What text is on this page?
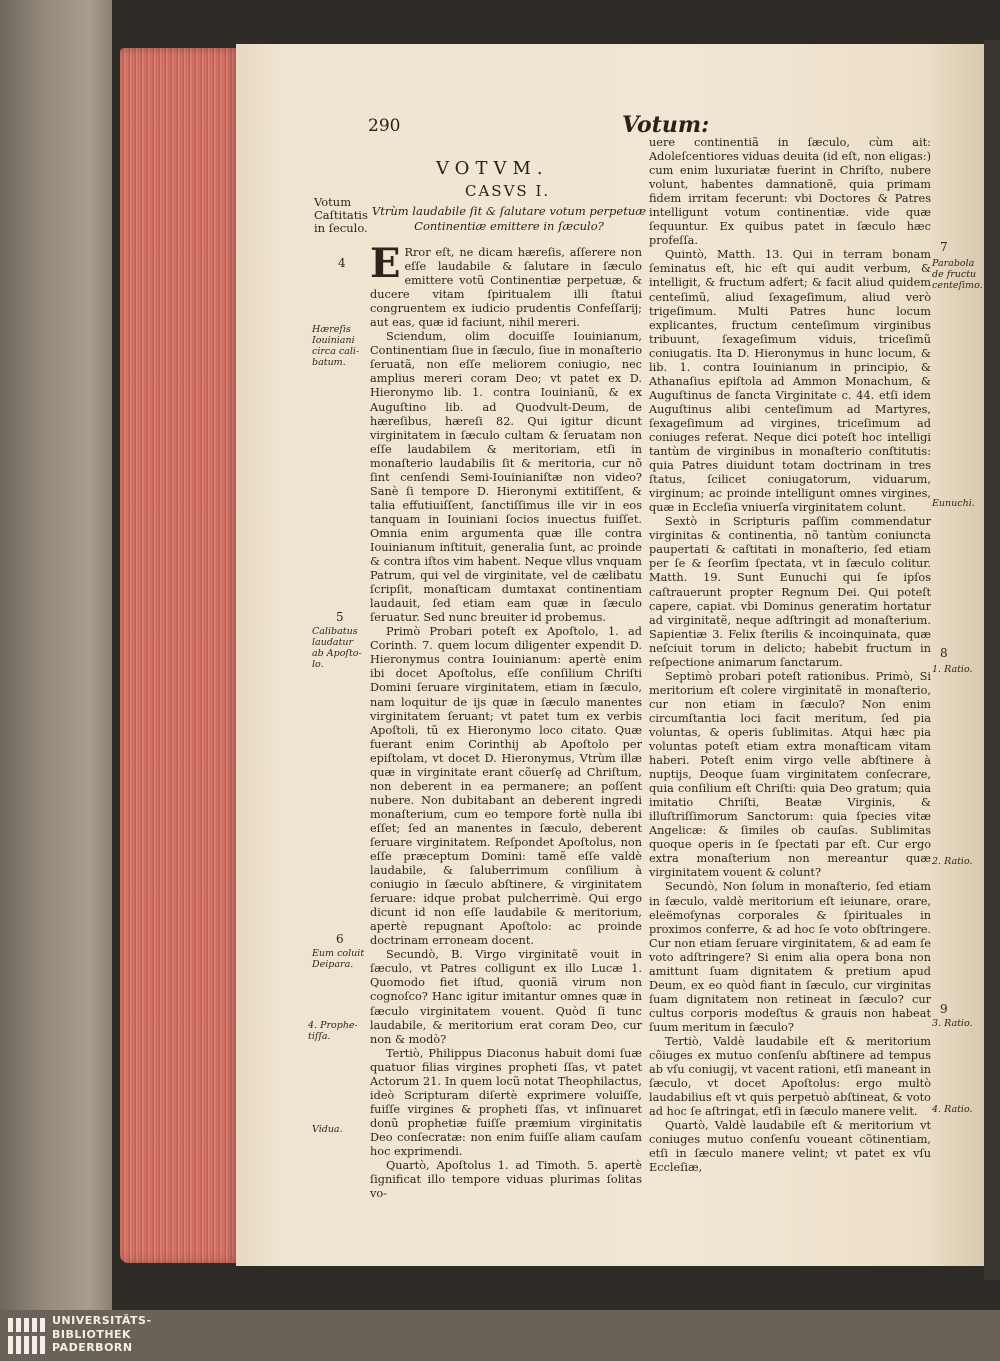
290	Votum:
VOTVM.
CASVS I.
Vtrùm laudabile ſit & ſalutare votum perpetuæ
Continentiæ emittere in ſæculo?
Votum
Caſtitatis
in ſeculo.
4
Hæreſis Iouiniani circa cali-batum.
5
Calibatus laudatur ab Apoſto-lo.
6
Eum coluit Deipara.
4. Prophe-tiſſa.
Vidua.
7
Parabola de fructu centeſimo.
Eunuchi.
8
1. Ratio.
2. Ratio.
9
3. Ratio.
4. Ratio.

E Rror eſt, ne dicam hæreſis, aſſerere non eſſe laudabile & ſalutare in ſæculo emittere votũ Continentiæ perpetuæ, & ducere vitam ſpiritualem illi ſtatui congruentem ex iudicio prudentis Confeſſarij; aut eas, quæ id faciunt, nihil mereri.

Sciendum, olim docuiſſe Iouinianum, Continentiam ſiue in ſæculo, ſiue in monaſterio ſeruatã, non eſſe meliorem coniugio, nec amplius mereri coram Deo; vt patet ex D. Hieronymo lib. 1. contra Iouinianũ, & ex Auguſtino lib. ad Quodvult-Deum, de hæreſibus, hæreſi 82. Qui igitur dicunt virginitatem in ſæculo cultam & ſeruatam non eſſe laudabilem & meritoriam, etſi in monaſterio laudabilis ſit & meritoria, cur nõ ſint cenſendi Semi-Iouinianiſtæ non video? Sanè ſi tempore D. Hieronymi extitiſſent, & talia effutiuiſſent, ſanctiſſimus ille vir in eos tanquam in Iouiniani ſocios inuectus fuiſſet. Omnia enim argumenta quæ ille contra Iouinianum inſtituit, generalia ſunt, ac proinde & contra iſtos vim habent. Neque vllus vnquam Patrum, qui vel de virginitate, vel de cælibatu ſcripſit, monaſticam dumtaxat continentiam laudauit, ſed etiam eam quæ in ſæculo ſeruatur. Sed nunc breuiter id probemus.

Primò Probari poteſt ex Apoſtolo, 1. ad Corinth. 7. quem locum diligenter expendit D. Hieronymus contra Iouinianum: apertè enim ibi docet Apoſtolus, eſſe conſilium Chriſti Domini ſeruare virginitatem, etiam in ſæculo, nam loquitur de ijs quæ in ſæculo manentes virginitatem ſeruant; vt patet tum ex verbis Apoſtoli, tũ ex Hieronymo loco citato. Quæ fuerant enim Corinthij ab Apoſtolo per epiſtolam, vt docet D. Hieronymus, Vtrùm illæ quæ in virginitate erant cõuerſę ad Chriſtum, non deberent in ea permanere; an poſſent nubere. Non dubitabant an deberent ingredi monaſterium, cum eo tempore fortè nulla ibi eſſet; ſed an manentes in ſæculo, deberent ſeruare virginitatem. Reſpondet Apoſtolus, non eſſe præceptum Domini: tamẽ eſſe valdè laudabile, & ſaluberrimum conſilium à coniugio in ſæculo abſtinere, & virginitatem ſeruare: idque probat pulcherrimè. Qui ergo dicunt id non eſſe laudabile & meritorium, apertè repugnant Apoſtolo: ac proinde doctrinam erroneam docent.

Secundò, B. Virgo virginitatẽ vouit in ſæculo, vt Patres colligunt ex illo Lucæ 1. Quomodo fiet iſtud, quoniã virum non cognoſco? Hanc igitur imitantur omnes quæ in ſæculo virginitatem vouent. Quòd ſi tunc laudabile, & meritorium erat coram Deo, cur non & modò?

Tertiò, Philippus Diaconus habuit domi ſuæ quatuor filias virgines propheti ſſas, vt patet Actorum 21. In quem locũ notat Theophilactus, ideò Scripturam diſertè exprimere voluiſſe, fuiſſe virgines & propheti ſſas, vt inſinuaret donũ prophetiæ fuiſſe præmium virginitatis Deo conſecratæ: non enim fuiſſe aliam cauſam hoc exprimendi.

Quartò, Apoſtolus 1. ad Timoth. 5. apertè ſignificat illo tempore viduas plurimas ſolitas vo-

uere continentiã in ſæculo, cùm ait: Adoleſcentiores viduas deuita (id eſt, non eligas:) cum enim luxuriatæ fuerint in Chriſto, nubere volunt, habentes damnationẽ, quia primam fidem irritam fecerunt: vbi Doctores & Patres intelligunt votum continentiæ. vide quæ ſequuntur. Ex quibus patet in ſæculo hæc profeſſa.

Quintò, Matth. 13. Qui in terram bonam ſeminatus eſt, hic eſt qui audit verbum, & intelligit, & fructum adfert; & facit aliud quidem centeſimũ, aliud ſexageſimum, aliud verò trigeſimum. Multi Patres hunc locum explicantes, fructum centeſimum virginibus tribuunt, ſexageſimum viduis, triceſimũ coniugatis. Ita D. Hieronymus in hunc locum, & lib. 1. contra Iouinianum in principio, & Athanaſius epiſtola ad Ammon Monachum, & Auguſtinus de ſancta Virginitate c. 44. etſi idem Auguſtinus alibi centeſimum ad Martyres, ſexageſimum ad virgines, triceſimum ad coniuges referat. Neque dici poteſt hoc intelligi tantùm de virginibus in monaſterio conſtitutis: quia Patres diuidunt totam doctrinam in tres ſtatus, ſcilicet coniugatorum, viduarum, virginum; ac proinde intelligunt omnes virgines, quæ in Eccleſia vniuerſa virginitatem colunt.

Sextò in Scripturis paſſim commendatur virginitas & continentia, nõ tantùm coniuncta paupertati & caſtitati in monaſterio, ſed etiam per ſe & ſeorſim ſpectata, vt in ſæculo colitur. Matth. 19. Sunt Eunuchi qui ſe ipſos caſtrauerunt propter Regnum Dei. Qui poteſt capere, capiat. vbi Dominus generatim hortatur ad virginitatẽ, neque adſtringit ad monaſterium. Sapientiæ 3. Felix ſterilis & incoinquinata, quæ neſciuit torum in delicto; habebit fructum in reſpectione animarum ſanctarum.

Septimò probari poteſt rationibus. Primò, Si meritorium eſt colere virginitatẽ in monaſterio, cur non etiam in ſæculo? Non enim circumſtantia loci facit meritum, ſed pia voluntas, & operis ſublimitas. Atqui hæc pia voluntas poteſt etiam extra monaſticam vitam haberi. Poteſt enim virgo velle abſtinere à nuptijs, Deoque ſuam virginitatem conſecrare, quia conſilium eſt Chriſti: quia Deo gratum; quia imitatio Chriſti, Beatæ Virginis, & illuſtriſſimorum Sanctorum: quia ſpecies vitæ Angelicæ: & ſimiles ob cauſas. Sublimitas quoque operis in ſe ſpectati par eſt. Cur ergo extra monaſterium non mereantur quæ virginitatem vouent & colunt?

Secundò, Non ſolum in monaſterio, ſed etiam in ſæculo, valdè meritorium eſt ieiunare, orare, eleëmoſynas corporales & ſpirituales in proximos conferre, & ad hoc ſe voto obſtringere. Cur non etiam ſeruare virginitatem, & ad eam ſe voto adſtringere? Si enim alia opera bona non amittunt ſuam dignitatem & pretium apud Deum, ex eo quòd fiant in ſæculo, cur virginitas ſuam dignitatem non retineat in ſæculo? cur cultus corporis modeſtus & grauis non habeat ſuum meritum in ſæculo?

Tertiò, Valdè laudabile eſt & meritorium cõiuges ex mutuo conſenſu abſtinere ad tempus ab vſu coniugij, vt vacent rationi, etſi maneant in ſæculo, vt docet Apoſtolus: ergo multò laudabilius eſt vt quis perpetuò abſtineat, & voto ad hoc ſe aſtringat, etſi in ſæculo manere velit.

Quartò, Valdè laudabile eſt & meritorium vt coniuges mutuo conſenſu voueant cõtinentiam, etſi in ſæculo manere velint; vt patet ex vſu Eccleſiæ,

UNIVERSITÄTS-
BIBLIOTHEK
PADERBORN
